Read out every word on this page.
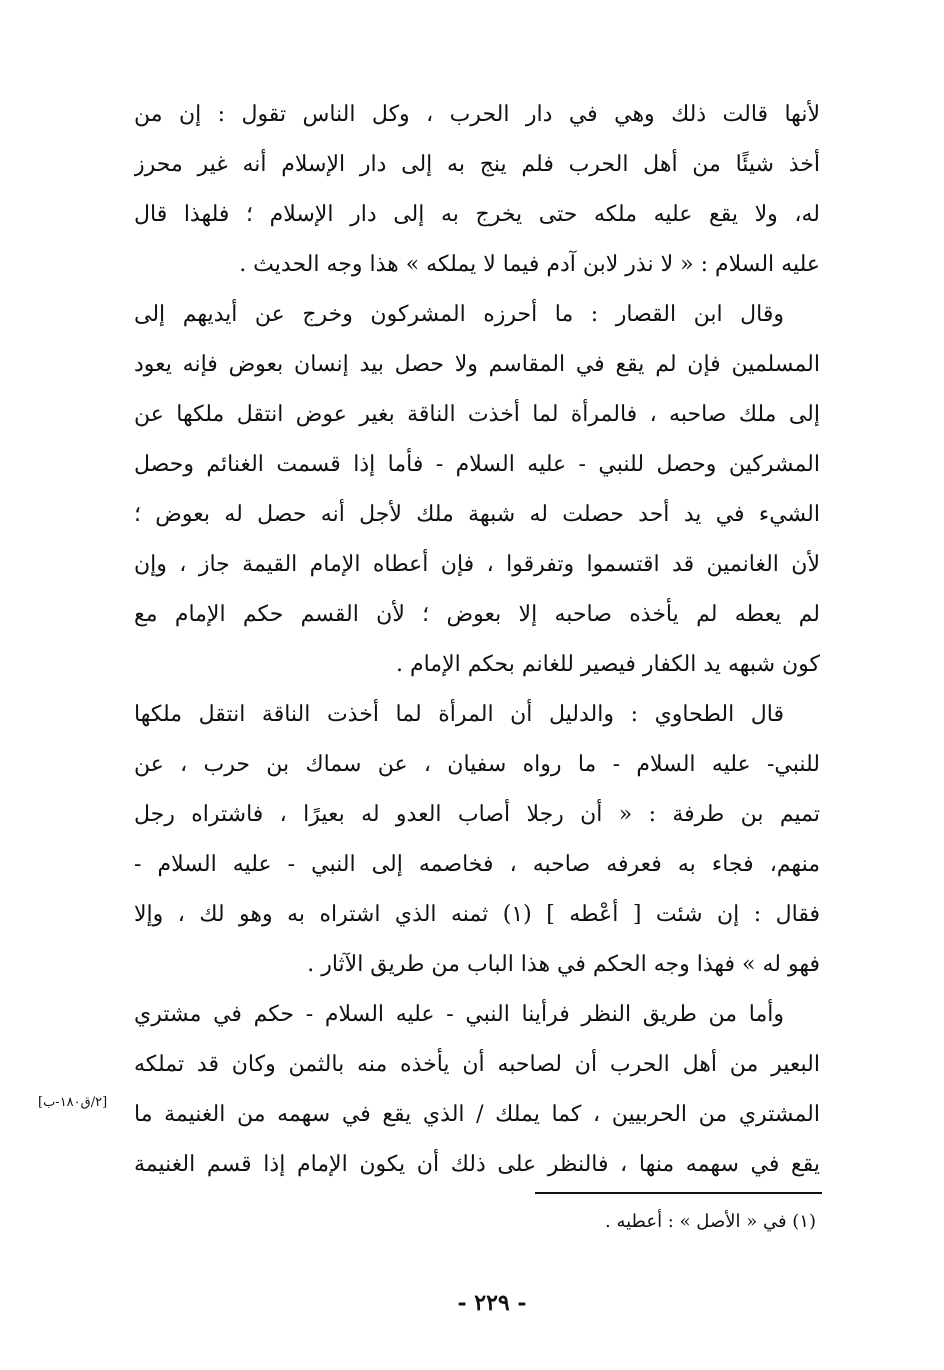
لأنها قالت ذلك وهي في دار الحرب ، وكل الناس تقول : إن من
أخذ شيئًا من أهل الحرب فلم ينج به إلى دار الإسلام أنه غير محرز
له، ولا يقع عليه ملكه حتى يخرج به إلى دار الإسلام ؛ فلهذا قال
عليه السلام : « لا نذر لابن آدم فيما لا يملكه » هذا وجه الحديث .
وقال ابن القصار : ما أحرزه المشركون وخرج عن أيديهم إلى
المسلمين فإن لم يقع في المقاسم ولا حصل بيد إنسان بعوض فإنه يعود
إلى ملك صاحبه ، فالمرأة لما أخذت الناقة بغير عوض انتقل ملكها عن
المشركين وحصل للنبي - عليه السلام - فأما إذا قسمت الغنائم وحصل
الشيء في يد أحد حصلت له شبهة ملك لأجل أنه حصل له بعوض ؛
لأن الغانمين قد اقتسموا وتفرقوا ، فإن أعطاه الإمام القيمة جاز ، وإن
لم يعطه لم يأخذه صاحبه إلا بعوض ؛ لأن القسم حكم الإمام مع
كون شبهه يد الكفار فيصير للغانم بحكم الإمام .
قال الطحاوي : والدليل أن المرأة لما أخذت الناقة انتقل ملكها
للنبي- عليه السلام - ما رواه سفيان ، عن سماك بن حرب ، عن
تميم بن طرفة : « أن رجلا أصاب العدو له بعيرًا ، فاشتراه رجل
منهم، فجاء به فعرفه صاحبه ، فخاصمه إلى النبي - عليه السلام -
فقال : إن شئت [ أعْطه ] (١) ثمنه الذي اشتراه به وهو لك ، وإلا
فهو له » فهذا وجه الحكم في هذا الباب من طريق الآثار .
وأما من طريق النظر فرأينا النبي - عليه السلام - حكم في مشتري
البعير من أهل الحرب أن لصاحبه أن يأخذه منه بالثمن وكان قد تملكه
المشتري من الحربيين ، كما يملك / الذي يقع في سهمه من الغنيمة ما
يقع في سهمه منها ، فالنظر على ذلك أن يكون الإمام إذا قسم الغنيمة
[٢/ق١٨٠-ب]
(١) في « الأصل » : أعطيه .
- ٢٢٩ -
